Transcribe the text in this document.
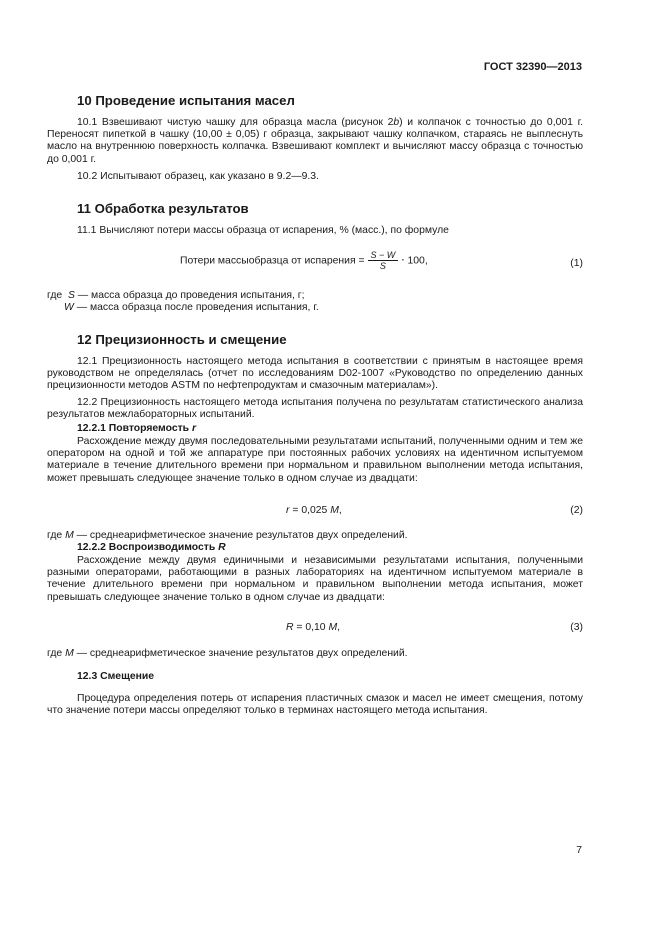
ГОСТ 32390—2013
10 Проведение испытания масел
10.1 Взвешивают чистую чашку для образца масла (рисунок 2b) и колпачок с точностью до 0,001 г. Переносят пипеткой в чашку (10,00 ± 0,05) г образца, закрывают чашку колпачком, стараясь не выплеснуть масло на внутреннюю поверхность колпачка. Взвешивают комплект и вычисляют массу образца с точностью до 0,001 г.
10.2 Испытывают образец, как указано в 9.2—9.3.
11 Обработка результатов
11.1 Вычисляют потери массы образца от испарения, % (масс.), по формуле
Потери массыобразца от испарения = $\frac{S - W}{S} \cdot 100$,	(1)
где S — масса образца до проведения испытания, г;
W — масса образца после проведения испытания, г.
12 Прецизионность и смещение
12.1 Прецизионность настоящего метода испытания в соответствии с принятым в настоящее время руководством не определялась (отчет по исследованиям D02-1007 «Руководство по определению данных прецизионности методов ASTM по нефтепродуктам и смазочным материалам»).
12.2 Прецизионность настоящего метода испытания получена по результатам статистического анализа результатов межлабораторных испытаний.
12.2.1 Повторяемость r
Расхождение между двумя последовательными результатами испытаний, полученными одним и тем же оператором на одной и той же аппаратуре при постоянных рабочих условиях на идентичном испытуемом материале в течение длительного времени при нормальном и правильном выполнении метода испытания, может превышать следующее значение только в одном случае из двадцати:
r = 0,025 M,	(2)
где M — среднеарифметическое значение результатов двух определений.
12.2.2 Воспроизводимость R
Расхождение между двумя единичными и независимыми результатами испытания, полученными разными операторами, работающими в разных лабораториях на идентичном испытуемом материале в течение длительного времени при нормальном и правильном выполнении метода испытания, может превышать следующее значение только в одном случае из двадцати:
R = 0,10 M,	(3)
где M — среднеарифметическое значение результатов двух определений.
12.3 Смещение
Процедура определения потерь от испарения пластичных смазок и масел не имеет смещения, потому что значение потери массы определяют только в терминах настоящего метода испытания.
7
